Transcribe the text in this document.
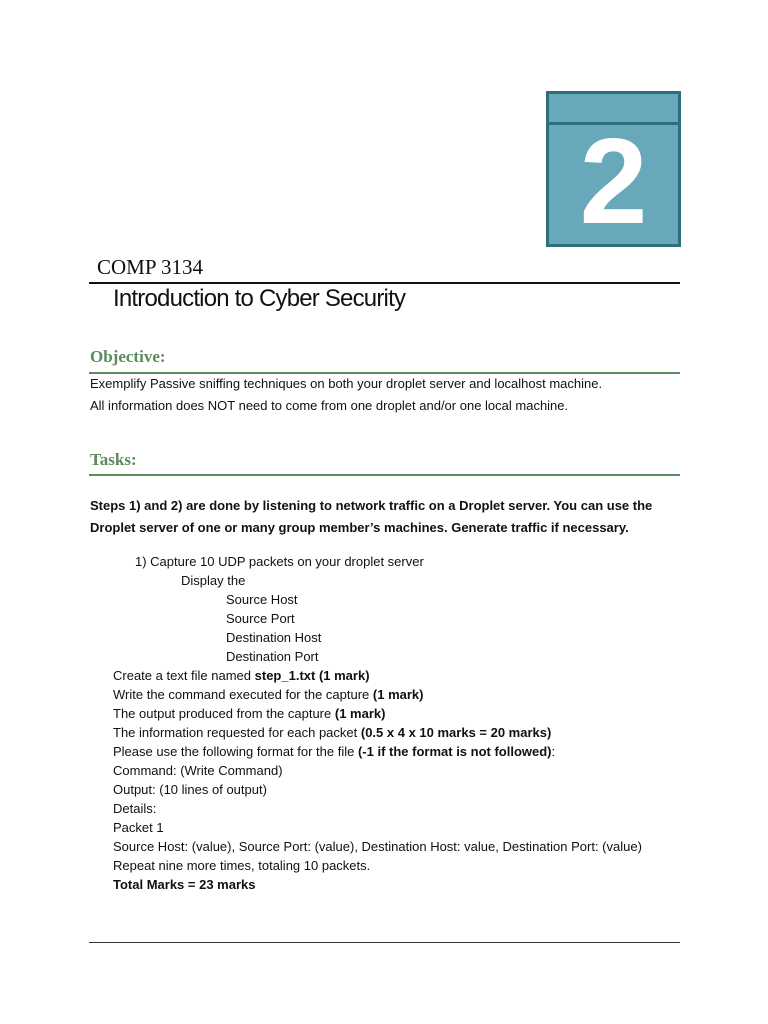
2
COMP 3134
Introduction to Cyber Security
Objective:
Exemplify Passive sniffing techniques on both your droplet server and localhost machine.
All information does NOT need to come from one droplet and/or one local machine.
Tasks:
Steps 1) and 2) are done by listening to network traffic on a Droplet server. You can use the
Droplet server of one or many group member’s machines. Generate traffic if necessary.
1) Capture 10 UDP packets on your droplet server
Display the
Source Host
Source Port
Destination Host
Destination Port
Create a text file named step_1.txt (1 mark)
Write the command executed for the capture (1 mark)
The output produced from the capture (1 mark)
The information requested for each packet (0.5 x 4 x 10 marks = 20 marks)
Please use the following format for the file (-1 if the format is not followed):
Command: (Write Command)
Output: (10 lines of output)
Details:
Packet 1
Source Host: (value), Source Port: (value), Destination Host: value, Destination Port: (value)
Repeat nine more times, totaling 10 packets.
Total Marks = 23 marks
